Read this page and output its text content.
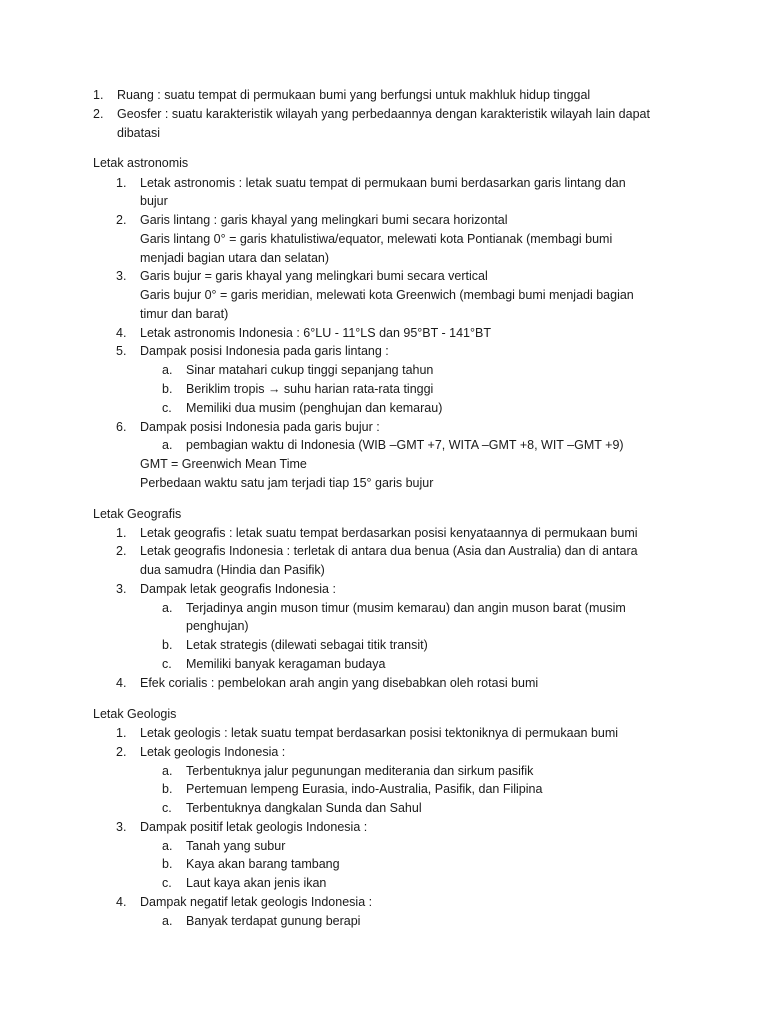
1. Ruang : suatu tempat di permukaan bumi yang berfungsi untuk makhluk hidup tinggal
2. Geosfer : suatu karakteristik wilayah yang perbedaannya dengan karakteristik wilayah lain dapat
dibatasi
Letak astronomis
1. Letak astronomis : letak suatu tempat di permukaan bumi berdasarkan garis lintang dan
bujur
2. Garis lintang : garis khayal yang melingkari bumi secara horizontal
Garis lintang 0° = garis khatulistiwa/equator, melewati kota Pontianak (membagi bumi
menjadi bagian utara dan selatan)
3. Garis bujur = garis khayal yang melingkari bumi secara vertical
Garis bujur 0° = garis meridian, melewati kota Greenwich (membagi bumi menjadi bagian
timur dan barat)
4. Letak astronomis Indonesia : 6°LU - 11°LS dan 95°BT - 141°BT
5. Dampak posisi Indonesia pada garis lintang :
a. Sinar matahari cukup tinggi sepanjang tahun
b. Beriklim tropis → suhu harian rata-rata tinggi
c. Memiliki dua musim (penghujan dan kemarau)
6. Dampak posisi Indonesia pada garis bujur :
a. pembagian waktu di Indonesia (WIB –GMT +7, WITA –GMT +8, WIT –GMT +9)
GMT = Greenwich Mean Time
Perbedaan waktu satu jam terjadi tiap 15° garis bujur
Letak Geografis
1. Letak geografis : letak suatu tempat berdasarkan posisi kenyataannya di permukaan bumi
2. Letak geografis Indonesia : terletak di antara dua benua (Asia dan Australia) dan di antara
dua samudra (Hindia dan Pasifik)
3. Dampak letak geografis Indonesia :
a. Terjadinya angin muson timur (musim kemarau) dan angin muson barat (musim
penghujan)
b. Letak strategis (dilewati sebagai titik transit)
c. Memiliki banyak keragaman budaya
4. Efek corialis : pembelokan arah angin yang disebabkan oleh rotasi bumi
Letak Geologis
1. Letak geologis : letak suatu tempat berdasarkan posisi tektoniknya di permukaan bumi
2. Letak geologis Indonesia :
a. Terbentuknya jalur pegunungan mediterania dan sirkum pasifik
b. Pertemuan lempeng Eurasia, indo-Australia, Pasifik, dan Filipina
c. Terbentuknya dangkalan Sunda dan Sahul
3. Dampak positif letak geologis Indonesia :
a. Tanah yang subur
b. Kaya akan barang tambang
c. Laut kaya akan jenis ikan
4. Dampak negatif letak geologis Indonesia :
a. Banyak terdapat gunung berapi
